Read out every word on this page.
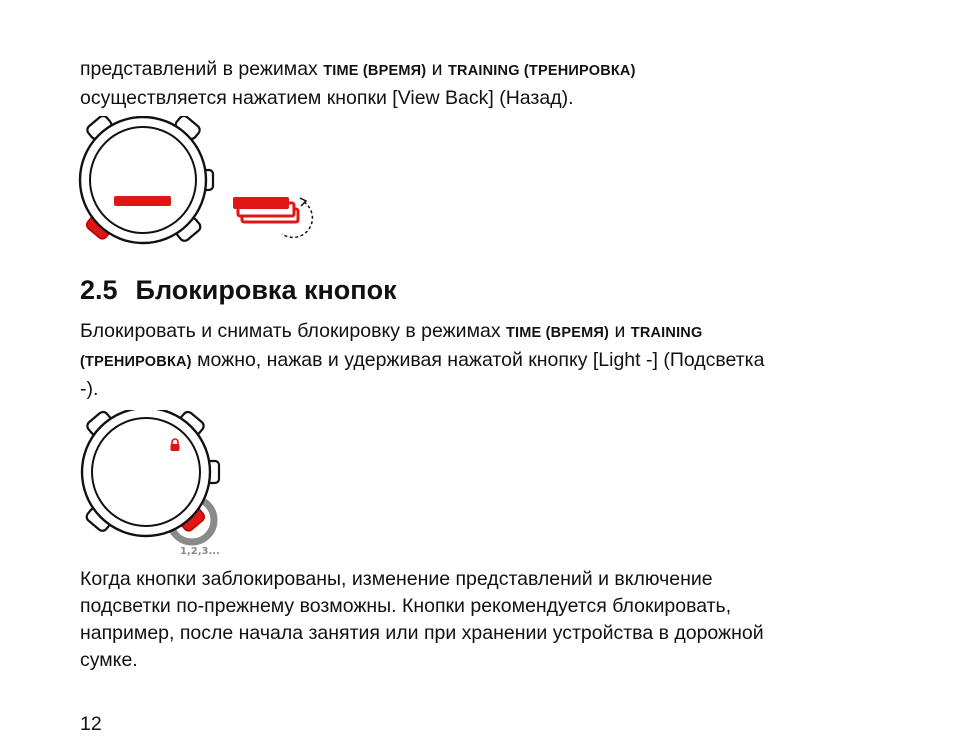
представлений в режимах TIME (ВРЕМЯ) и TRAINING (ТРЕНИРОВКА)
осуществляется нажатием кнопки [View Back] (Назад).

2.5 Блокировка кнопок

Блокировать и снимать блокировку в режимах TIME (ВРЕМЯ) и TRAINING
(ТРЕНИРОВКА) можно, нажав и удерживая нажатой кнопку [Light -] (Подсветка
-).

1,2,3...

Когда кнопки заблокированы, изменение представлений и включение
подсветки по-прежнему возможны. Кнопки рекомендуется блокировать,
например, после начала занятия или при хранении устройства в дорожной
сумке.

12
